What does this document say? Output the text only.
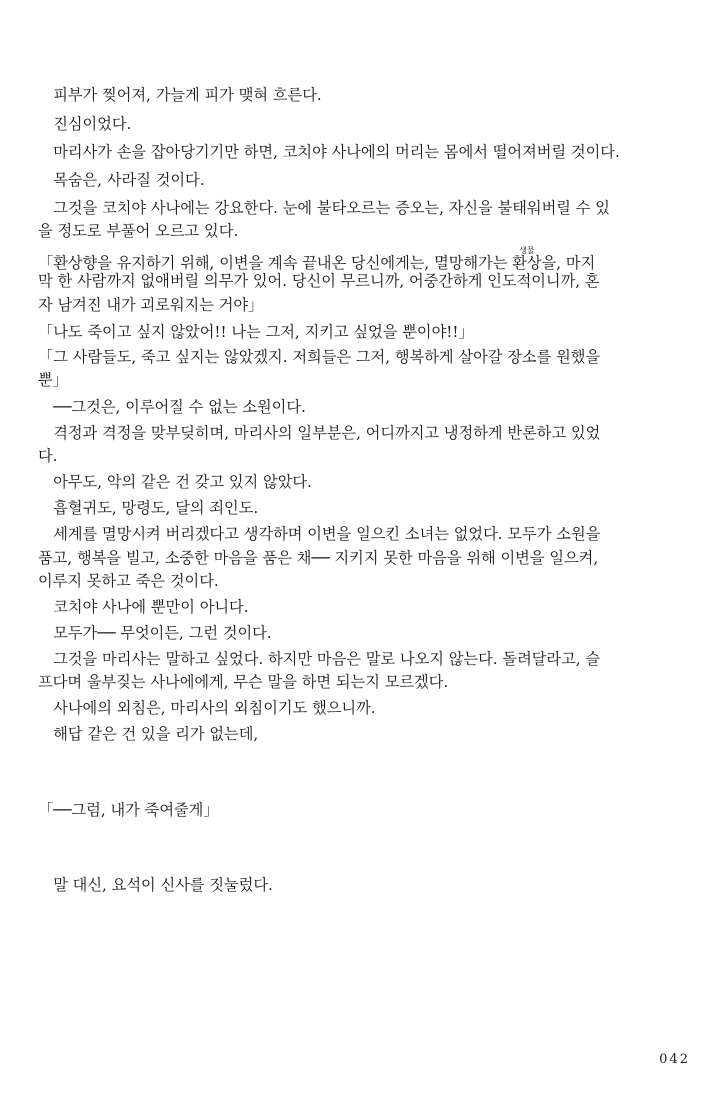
　피부가 찢어져, 가늘게 피가 맺혀 흐른다.
　진심이었다.
　마리사가 손을 잡아당기기만 하면, 코치야 사나에의 머리는 몸에서 떨어져버릴 것이다.
　목숨은, 사라질 것이다.
　그것을 코치야 사나에는 강요한다. 눈에 불타오르는 증오는, 자신을 불태워버릴 수 있
을 정도로 부풀어 오르고 있다.
「환상향을 유지하기 위해, 이변을 계속 끝내온 당신에게는, 멸망해가는 환상생물을, 마지
막 한 사람까지 없애버릴 의무가 있어. 당신이 무르니까, 어중간하게 인도적이니까, 혼
자 남겨진 내가 괴로워지는 거야」
「나도 죽이고 싶지 않았어!! 나는 그저, 지키고 싶었을 뿐이야!!」
「그 사람들도, 죽고 싶지는 않았겠지. 저희들은 그저, 행복하게 살아갈 장소를 원했을
뿐」
　──그것은, 이루어질 수 없는 소원이다.
　격정과 격정을 맞부딪히며, 마리사의 일부분은, 어디까지고 냉정하게 반론하고 있었
다.
　아무도, 악의 같은 건 갖고 있지 않았다.
　흡혈귀도, 망령도, 달의 죄인도.
　세계를 멸망시켜 버리겠다고 생각하며 이변을 일으킨 소녀는 없었다. 모두가 소원을
품고, 행복을 빌고, 소중한 마음을 품은 채── 지키지 못한 마음을 위해 이변을 일으켜,
이루지 못하고 죽은 것이다.
　코치야 사나에 뿐만이 아니다.
　모두가── 무엇이든, 그런 것이다.
　그것을 마리사는 말하고 싶었다. 하지만 마음은 말로 나오지 않는다. 돌려달라고, 슬
프다며 울부짖는 사나에에게, 무슨 말을 하면 되는지 모르겠다.
　사나에의 외침은, 마리사의 외침이기도 했으니까.
　해답 같은 건 있을 리가 없는데,
「──그럼, 내가 죽여줄게」
　말 대신, 요석이 신사를 짓눌렀다.
042
